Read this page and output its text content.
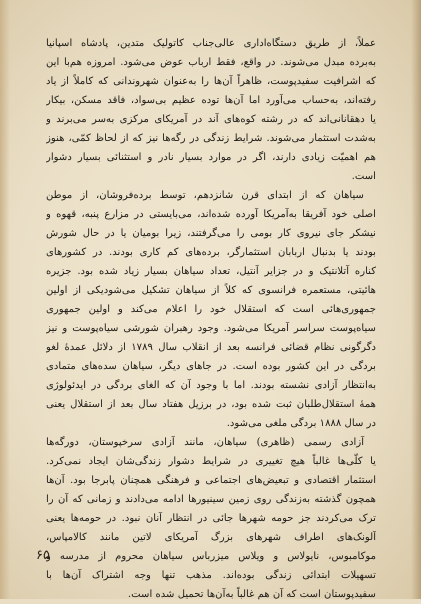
عملاً، از طریق دستگاه‌اداری عالی‌جناب کاتولیک متدین، پادشاه اسپانیا
به‌برده مبدل می‌شوند. در واقع، فقط ارباب عوض می‌شود. امروزه هم‌با این
که اشرافیت سفیدپوست، ظاهراً آن‌ها را به‌عنوان شهروندانی که کاملاً از یاد
رفته‌اند، به‌حساب می‌آورد اما آن‌ها توده عظیم بی‌سواد، فاقد مسکن، بیکار
یا دهقانانی‌اند که در رشته کوه‌های آند در آمریکای مرکزی به‌سر می‌برند و
به‌شدت استثمار می‌شوند. شرایط زندگی در رگه‌ها نیز که از لحاظ کمّی، هنوز
هم اهمیّت زیادی دارند، اگر در موارد بسیار نادر و استثنائی بسیار دشوار
است.
سیاهان که از ابتدای قرن شانزدهم، توسط برده‌فروشان، از موطن
اصلی خود آفریقا به‌آمریکا آورده شده‌اند، می‌بایستی در مزارع پنبه، قهوه و
نیشکر جای نیروی کار بومی را می‌گرفتند، زیرا بومیان یا در حال شورش
بودند یا بدنبال اربابان استثمارگر، برده‌های کم کاری بودند. در کشورهای
کناره آتلانتیک و در جزایر آنتیل، تعداد سیاهان بسیار زیاد شده بود. جزیره
هائیتی، مستعمره فرانسوی که کلاً از سیاهان تشکیل می‌شودیکی از اولین
جمهوری‌هائی است که استقلال خود را اعلام می‌کند و اولین جمهوری
سیاه‌پوست سراسر آمریکا می‌شود. وجود رهبران شورشی سیاه‌پوست و نیز
دگرگونی نظام قضائی فرانسه بعد از انقلاب سال ۱۷۸۹ از دلائل عمدهٔ لغو
بردگی در این کشور بوده است. در جاهای دیگر، سیاهان سده‌های متمادی
به‌انتظار آزادی نشسته بودند. اما با وجود آن که الغای بردگی در ایدئولوژی
همهٔ استقلال‌طلبان ثبت شده بود، در برزیل هفتاد سال بعد از استقلال یعنی
در سال ۱۸۸۸ بردگی ملغی می‌شود.
آزادی رسمی (ظاهری) سیاهان، مانند آزادی سرخپوستان، دورگه‌ها
یا کلّی‌ها غالباً هیچ تغییری در شرایط دشوار زندگی‌شان ایجاد نمی‌کرد.
استثمار اقتصادی و تبعیض‌های اجتماعی و فرهنگی همچنان پابرجا بود. آن‌ها
همچون گذشته به‌زندگی روی زمین سینیورها ادامه می‌دادند و زمانی که آن را
ترک می‌کردند جز حومه شهرها جائی در انتظار آنان نبود. در حومه‌ها یعنی
آلونک‌های اطراف شهرهای بزرگ آمریکای لاتین مانند کالامپاس،
موکامبوس، نایولاس و ویلاس میزرباس سیاهان محروم از مدرسه و
تسهیلات ابتدائی زندگی بوده‌اند. مذهب تنها وجه اشتراک آن‌ها با
سفیدپوستان است که آن هم غالباً به‌آن‌ها تحمیل شده است.
۶۵
